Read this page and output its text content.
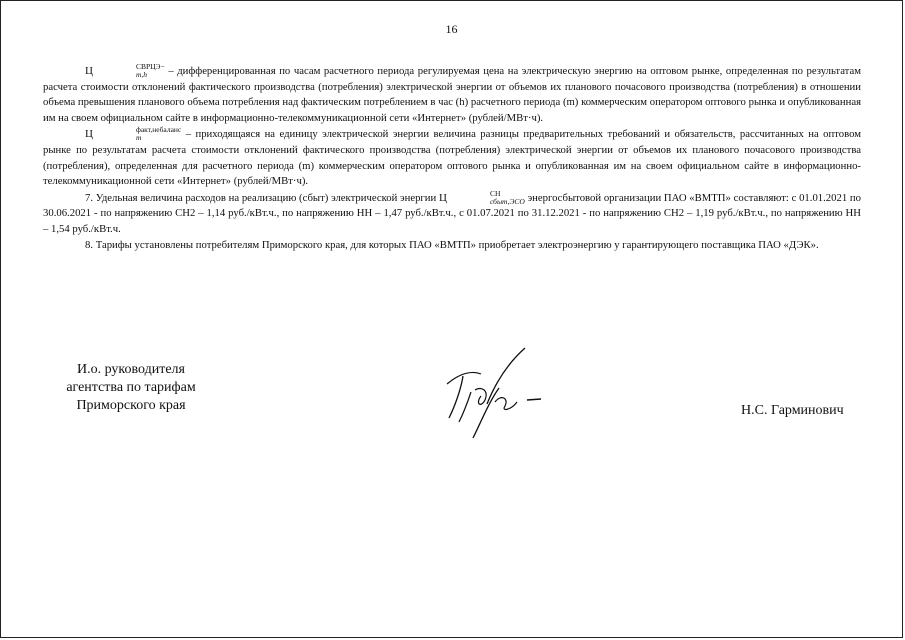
16

Ц	СВРЦЭ−
m,h	– дифференцированная по часам расчетного периода регулируемая цена на электрическую энергию на оптовом рынке, определенная по результатам расчета стоимости отклонений фактического производства (потребления) электрической энергии от объемов их планового почасового производства (потребления) в отношении объема превышения планового объема потребления над фактическим потреблением в час (h) расчетного периода (m) коммерческим оператором оптового рынка и опубликованная им на своем официальном сайте в информационно-телекоммуникационной сети «Интернет» (рублей/МВт·ч).

Ц	факт,небаланс
m	– приходящаяся на единицу электрической энергии величина разницы предварительных требований и обязательств, рассчитанных на оптовом рынке по результатам расчета стоимости отклонений фактического производства (потребления) электрической энергии от объемов их планового почасового производства (потребления), определенная для расчетного периода (m) коммерческим оператором оптового рынка и опубликованная им на своем официальном сайте в информационно-телекоммуникационной сети «Интернет» (рублей/МВт·ч).

7. Удельная величина расходов на реализацию (сбыт) электрической энергии Ц	СН
сбыт,ЭСО энергосбытовой организации ПАО «ВМТП» составляют: с 01.01.2021 по 30.06.2021 - по напряжению СН2 – 1,14 руб./кВт.ч., по напряжению НН – 1,47 руб./кВт.ч., с 01.07.2021 по 31.12.2021 - по напряжению СН2 – 1,19 руб./кВт.ч., по напряжению НН – 1,54 руб./кВт.ч.

8. Тарифы установлены потребителям Приморского края, для которых ПАО «ВМТП» приобретает электроэнергию у гарантирующего поставщика ПАО «ДЭК».

И.о. руководителя
агентства по тарифам
Приморского края	Н.С. Гарминович
